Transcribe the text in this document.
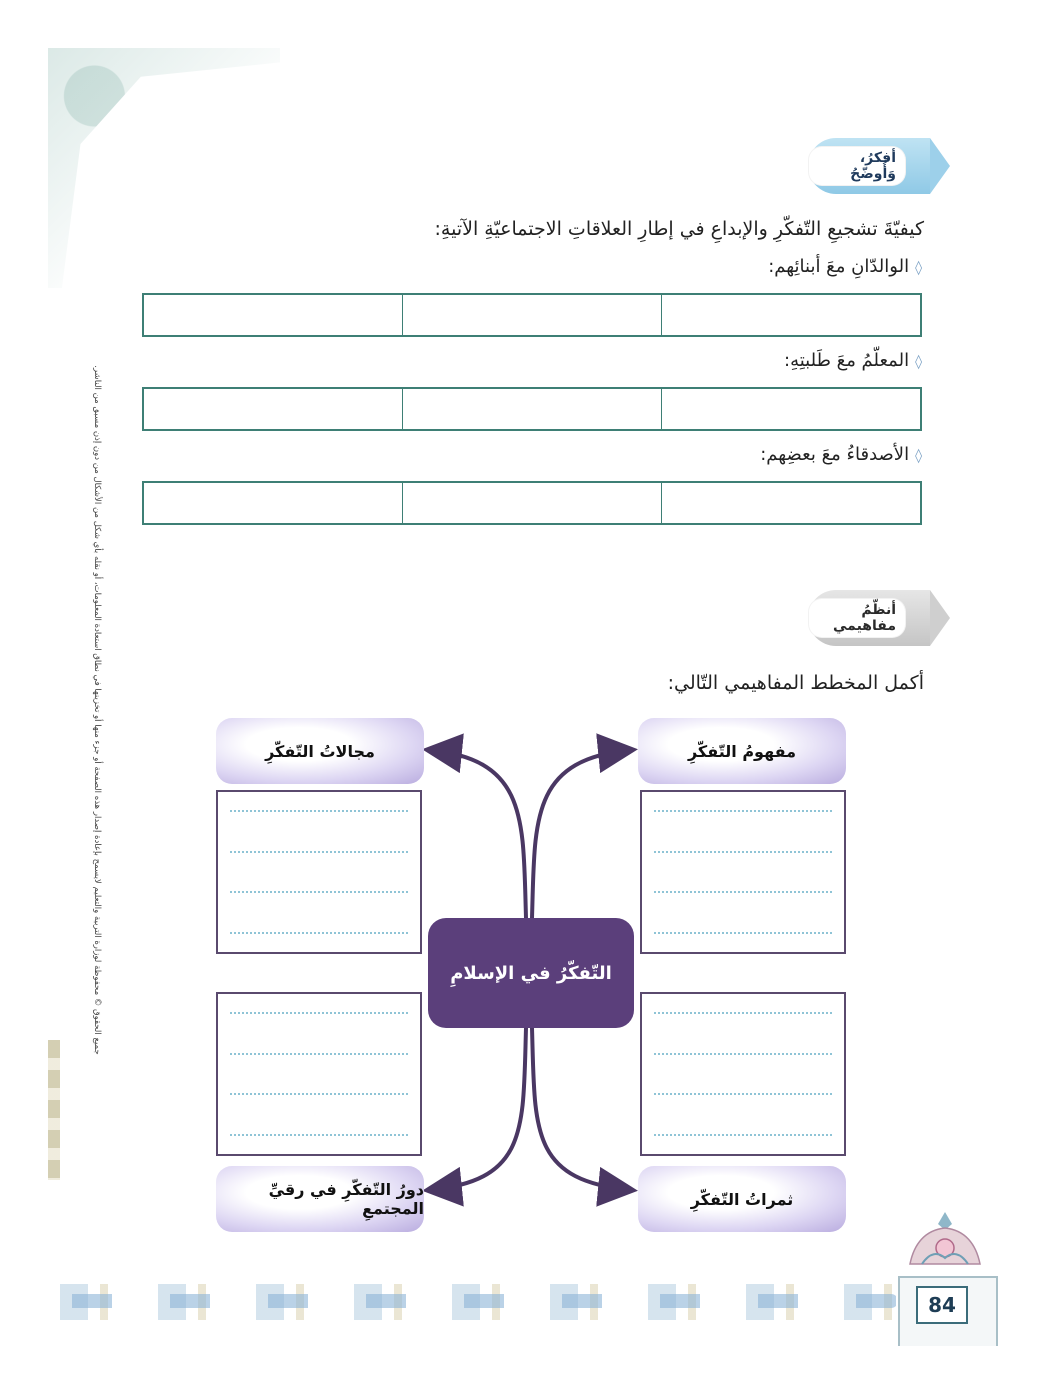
جميع الحقوق © محفوظة لوزارة التربية والتعليم لايسمح بإعادة إصدار هذه الصفحة أو جزء منها أو تخزينها في نطاق استعادة المعلومات، أو نقله بأي شكل من الأشكال من دون إذن مسبق من الناشر.
أفكرُ، وَأُوضّحُ
كيفيّةَ تشجيعِ التّفكّرِ والإبداعِ في إطارِ العلاقاتِ الاجتماعيّةِ الآتيةِ:
◊
الوالدّانِ معَ أبنائِهم:
◊
المعلّمُ معَ طَلبتِهِ:
◊
الأصدقاءُ معَ بعضِهم:
أنظّمُ مفاهيمي
أكمل المخطط المفاهيمي التّالي:
مفهومُ التّفكّرِ
مجالاتُ التّفكّرِ
ثمراتُ التّفكّرِ
دورُ التّفكّرِ في رقيِّ المجتمعِ
التّفكّرُ في الإسلامِ
84
